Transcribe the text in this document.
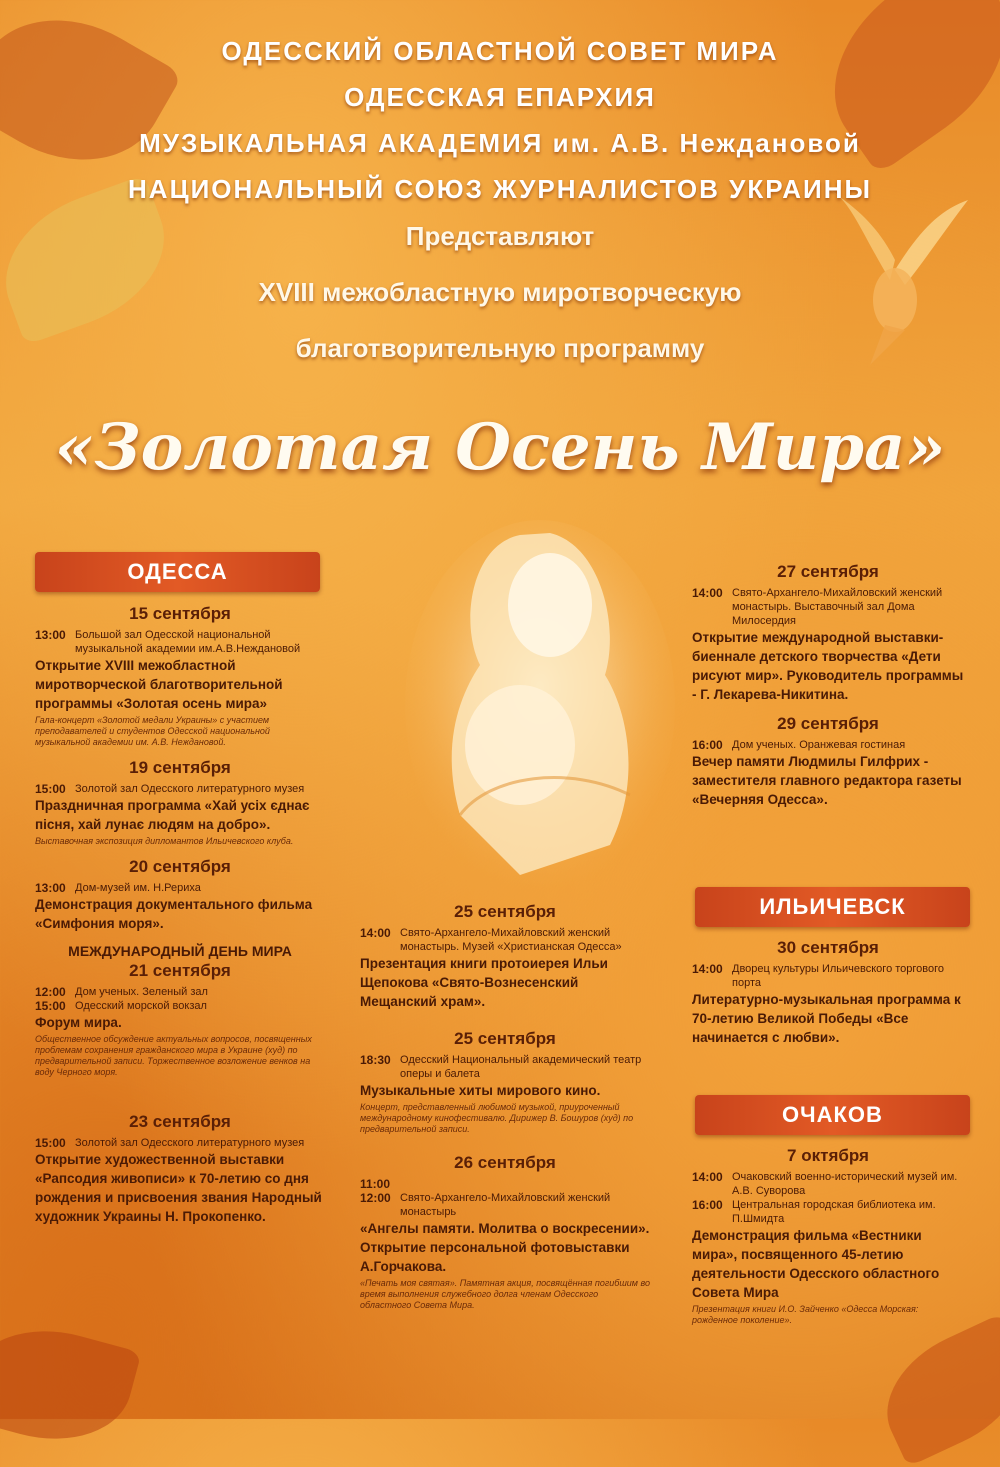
ОДЕССКИЙ ОБЛАСТНОЙ СОВЕТ МИРА
ОДЕССКАЯ ЕПАРХИЯ
МУЗЫКАЛЬНАЯ АКАДЕМИЯ им. А.В. Неждановой
НАЦИОНАЛЬНЫЙ СОЮЗ ЖУРНАЛИСТОВ УКРАИНЫ
Представляют
XVIII межобластную миротворческую
благотворительную программу
«Золотая Осень Мира»
ОДЕССА
15 сентября
13:00 Большой зал Одесской национальной музыкальной академии им.А.В.Неждановой
Открытие XVIII межобластной миротворческой благотворительной программы «Золотая осень мира»
Гала-концерт «Золотой медали Украины» с участием преподавателей и студентов Одесской национальной музыкальной академии им. А.В. Неждановой.
19 сентября
15:00 Золотой зал Одесского литературного музея
Праздничная программа «Хай усіх єднає пісня, хай лунає людям на добро».
Выставочная экспозиция дипломантов Ильичевского клуба.
20 сентября
13:00 Дом-музей им. Н.Рериха
Демонстрация документального фильма «Симфония моря».
МЕЖДУНАРОДНЫЙ ДЕНЬ МИРА
21 сентября
12:00 Дом ученых. Зеленый зал
15:00 Одесский морской вокзал
Форум мира.
Общественное обсуждение актуальных вопросов, посвященных проблемам сохранения гражданского мира в Украине (худ) по предварительной записи. Торжественное возложение венков на воду Черного моря.
23 сентября
15:00 Золотой зал Одесского литературного музея
Открытие художественной выставки «Рапсодия живописи» к 70-летию со дня рождения и присвоения звания Народный художник Украины Н. Прокопенко.
25 сентября
14:00 Свято-Архангело-Михайловский женский монастырь. Музей «Христианская Одесса»
Презентация книги протоиерея Ильи Щепокова «Свято-Вознесенский Мещанский храм».
25 сентября
18:30 Одесский Национальный академический театр оперы и балета
Музыкальные хиты мирового кино.
Концерт, представленный любимой музыкой, приуроченный международному кинофестивалю. Дирижер В. Бошуров (худ) по предварительной записи.
26 сентября
11:00
12:00 Свято-Архангело-Михайловский женский монастырь
«Ангелы памяти. Молитва о воскресении». Открытие персональной фотовыставки А.Горчакова.
«Печать моя святая». Памятная акция, посвящённая погибшим во время выполнения служебного долга членам Одесского областного Совета Мира.
27 сентября
14:00 Свято-Архангело-Михайловский женский монастырь. Выставочный зал Дома Милосердия
Открытие международной выставки-биеннале детского творчества «Дети рисуют мир». Руководитель программы - Г. Лекарева-Никитина.
29 сентября
16:00 Дом ученых. Оранжевая гостиная
Вечер памяти Людмилы Гилфрих - заместителя главного редактора газеты «Вечерняя Одесса».
ИЛЬИЧЕВСК
30 сентября
14:00 Дворец культуры Ильичевского торгового порта
Литературно-музыкальная программа к 70-летию Великой Победы «Все начинается с любви».
ОЧАКОВ
7 октября
14:00 Очаковский военно-исторический музей им. А.В. Суворова
16:00 Центральная городская библиотека им. П.Шмидта
Демонстрация фильма «Вестники мира», посвященного 45-летию деятельности Одесского областного Совета Мира
Презентация книги И.О. Зайченко «Одесса Морская: рожденное поколение».
